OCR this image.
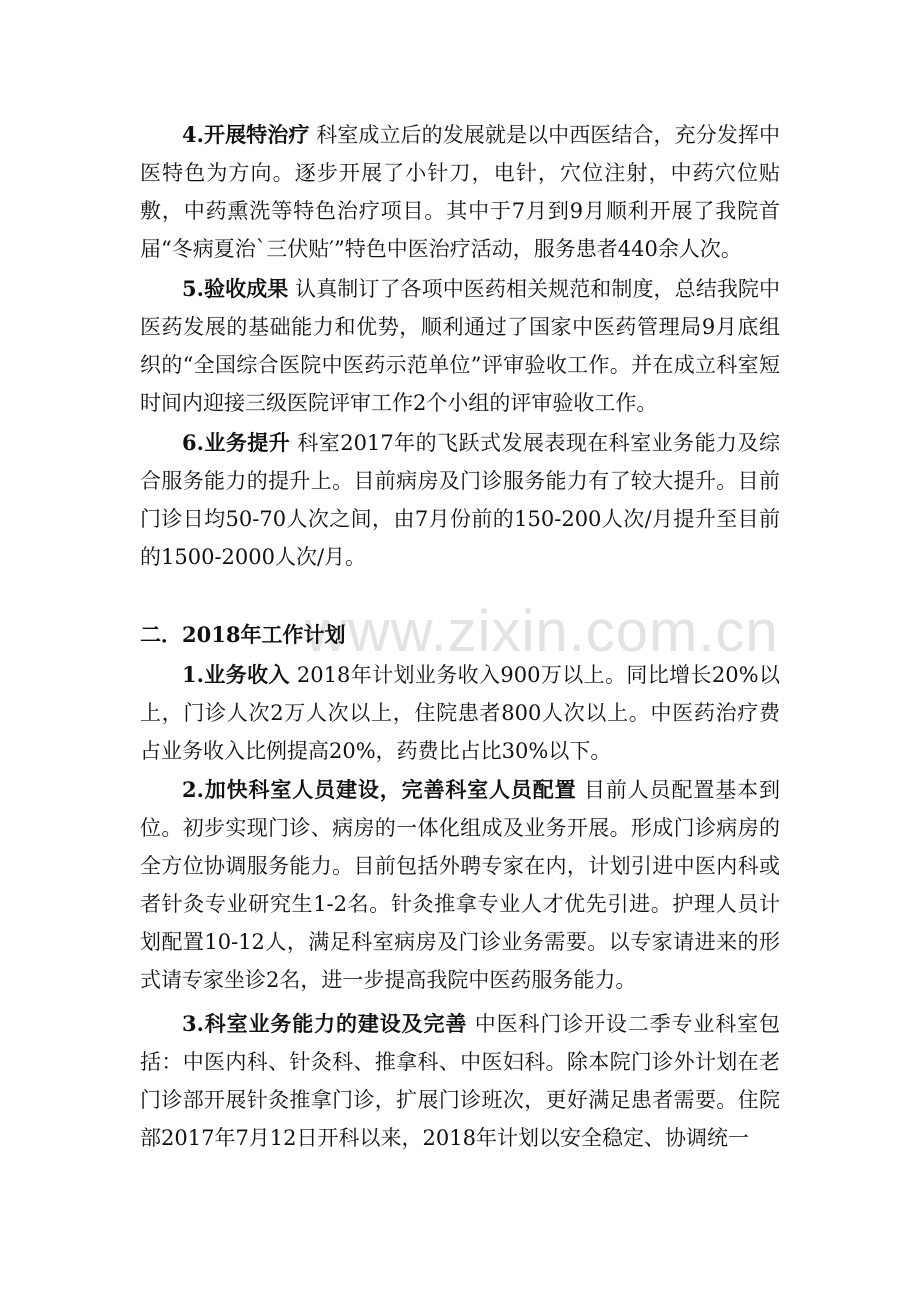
www.zixin.com.cn

4.开展特治疗 科室成立后的发展就是以中西医结合，充分发挥中医特色为方向。逐步开展了小针刀，电针，穴位注射，中药穴位贴敷，中药熏洗等特色治疗项目。其中于7月到9月顺利开展了我院首届“冬病夏治`三伏贴′”特色中医治疗活动，服务患者440余人次。

5.验收成果 认真制订了各项中医药相关规范和制度，总结我院中医药发展的基础能力和优势，顺利通过了国家中医药管理局9月底组织的“全国综合医院中医药示范单位”评审验收工作。并在成立科室短时间内迎接三级医院评审工作2个小组的评审验收工作。

6.业务提升 科室2017年的飞跃式发展表现在科室业务能力及综合服务能力的提升上。目前病房及门诊服务能力有了较大提升。目前门诊日均50-70人次之间，由7月份前的150-200人次/月提升至目前的1500-2000人次/月。

二．2018年工作计划

1.业务收入 2018年计划业务收入900万以上。同比增长20%以上，门诊人次2万人次以上，住院患者800人次以上。中医药治疗费占业务收入比例提高20%，药费比占比30%以下。

2.加快科室人员建设，完善科室人员配置 目前人员配置基本到位。初步实现门诊、病房的一体化组成及业务开展。形成门诊病房的全方位协调服务能力。目前包括外聘专家在内，计划引进中医内科或者针灸专业研究生1-2名。针灸推拿专业人才优先引进。护理人员计划配置10-12人，满足科室病房及门诊业务需要。以专家请进来的形式请专家坐诊2名，进一步提高我院中医药服务能力。

3.科室业务能力的建设及完善 中医科门诊开设二季专业科室包括：中医内科、针灸科、推拿科、中医妇科。除本院门诊外计划在老门诊部开展针灸推拿门诊，扩展门诊班次，更好满足患者需要。住院部2017年7月12日开科以来，2018年计划以安全稳定、协调统一
